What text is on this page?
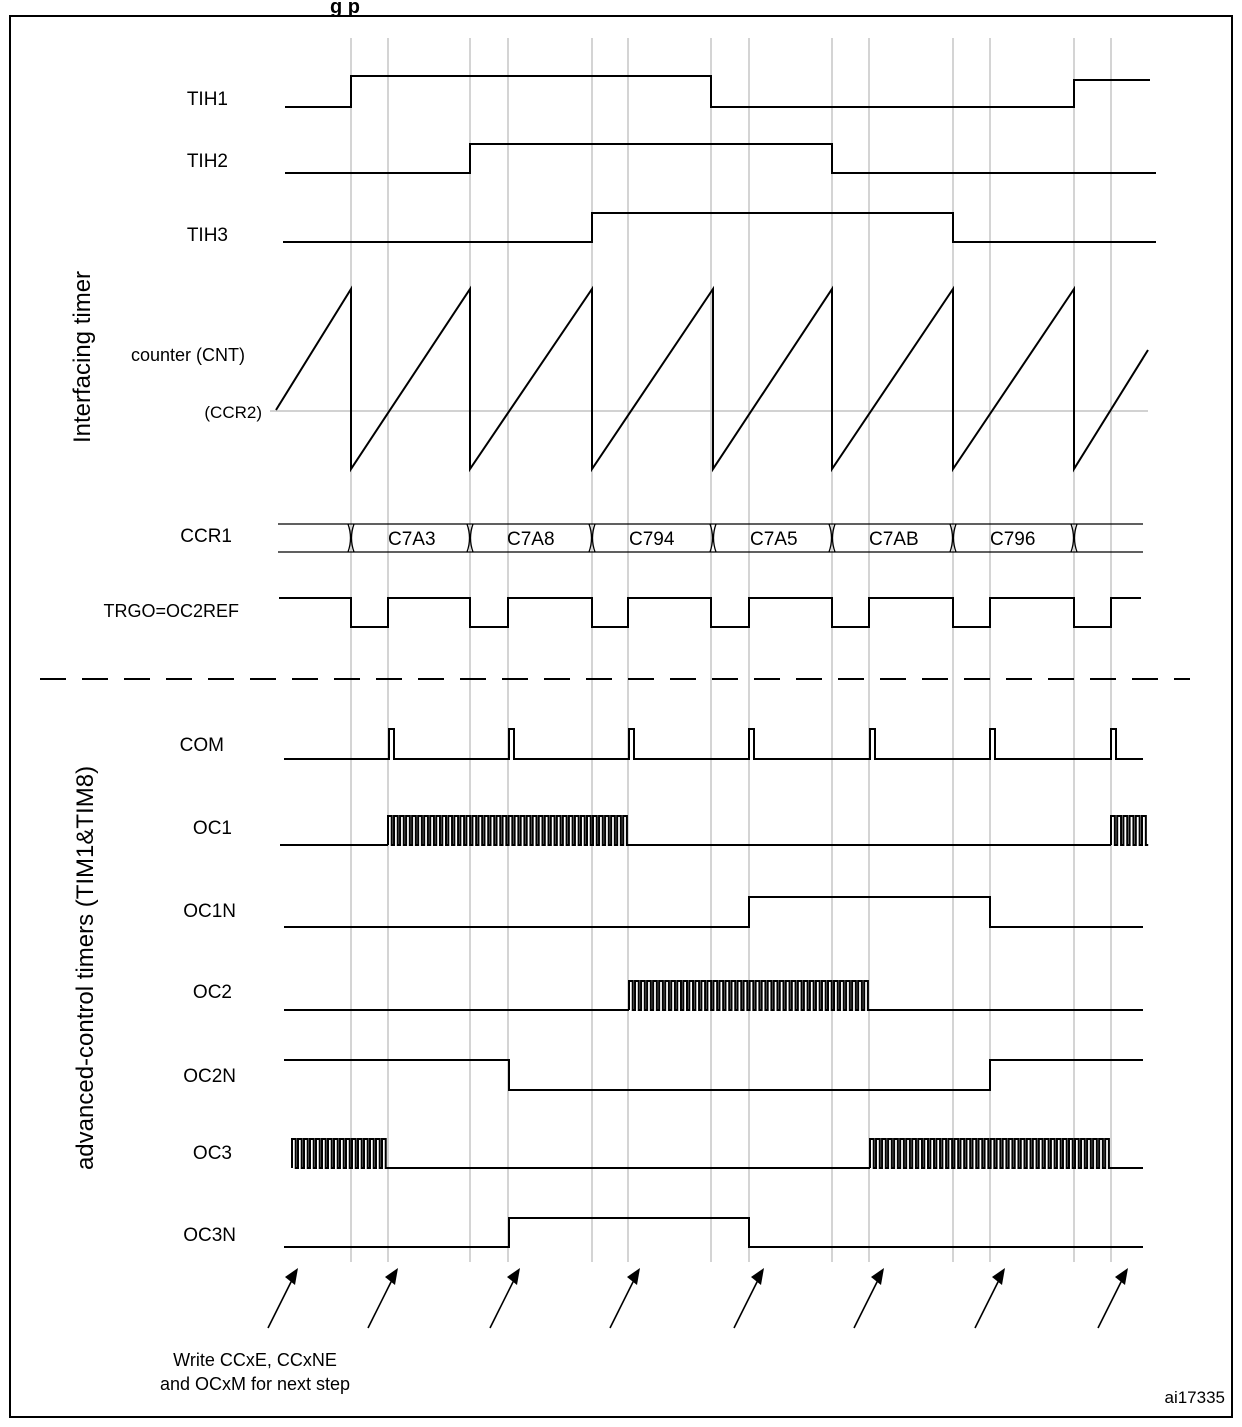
g p
Interfacing timer
advanced-control timers (TIM1&TIM8)
TIH1
TIH2
TIH3
counter (CNT)
(CCR2)
CCR1
TRGO=OC2REF
COM
OC1
OC1N
OC2
OC2N
OC3
OC3N
C7A3	C7A8	C794	C7A5	C7AB	C796
Write CCxE, CCxNE
and OCxM for next step
ai17335
